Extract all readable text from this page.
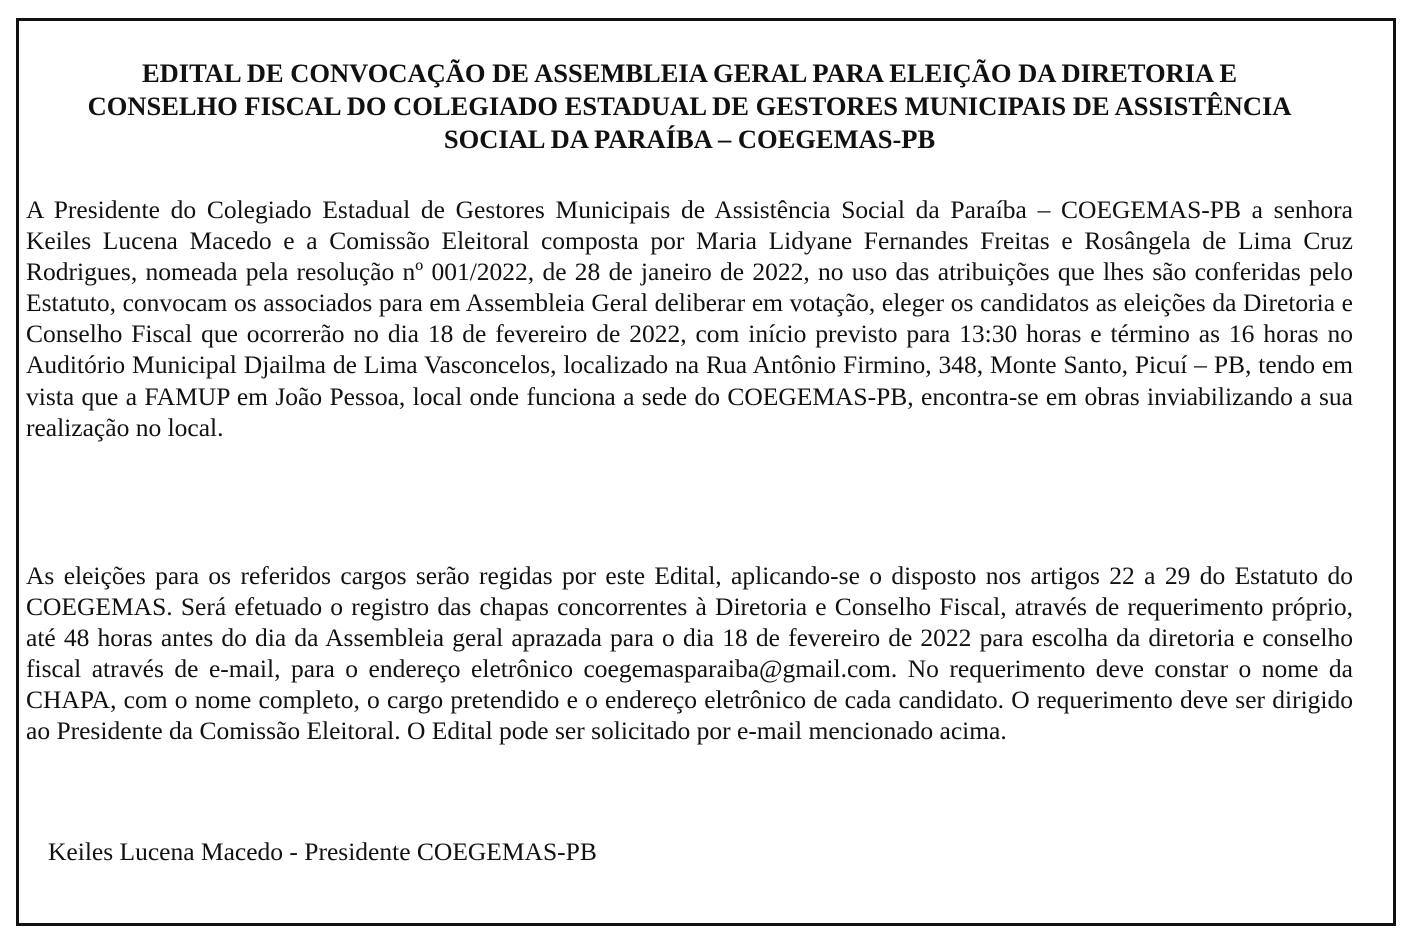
EDITAL DE CONVOCAÇÃO DE ASSEMBLEIA GERAL PARA ELEIÇÃO DA DIRETORIA E
CONSELHO FISCAL DO COLEGIADO ESTADUAL DE GESTORES MUNICIPAIS DE ASSISTÊNCIA
SOCIAL DA PARAÍBA – COEGEMAS-PB

A Presidente do Colegiado Estadual de Gestores Municipais de Assistência Social da Paraíba – COEGEMAS-PB a senhora Keiles Lucena Macedo e a Comissão Eleitoral composta por Maria Lidyane Fernandes Freitas e Rosângela de Lima Cruz Rodrigues, nomeada pela resolução nº 001/2022, de 28 de janeiro de 2022, no uso das atribuições que lhes são conferidas pelo Estatuto, convocam os associados para em Assembleia Geral deliberar em votação, eleger os candidatos as eleições da Diretoria e Conselho Fiscal que ocorrerão no dia 18 de fevereiro de 2022, com início previsto para 13:30 horas e término as 16 horas no Auditório Municipal Djailma de Lima Vasconcelos, localizado na Rua Antônio Firmino, 348, Monte Santo, Picuí – PB, tendo em vista que a FAMUP em João Pessoa, local onde funciona a sede do COEGEMAS-PB, encontra-se em obras inviabilizando a sua realização no local.

As eleições para os referidos cargos serão regidas por este Edital, aplicando-se o disposto nos artigos 22 a 29 do Estatuto do COEGEMAS. Será efetuado o registro das chapas concorrentes à Diretoria e Conselho Fiscal, através de requerimento próprio, até 48 horas antes do dia da Assembleia geral aprazada para o dia 18 de fevereiro de 2022 para escolha da diretoria e conselho fiscal através de e-mail, para o endereço eletrônico coegemasparaiba@gmail.com. No requerimento deve constar o nome da CHAPA, com o nome completo, o cargo pretendido e o endereço eletrônico de cada candidato. O requerimento deve ser dirigido ao Presidente da Comissão Eleitoral. O Edital pode ser solicitado por e-mail mencionado acima.

Keiles Lucena Macedo - Presidente COEGEMAS-PB
